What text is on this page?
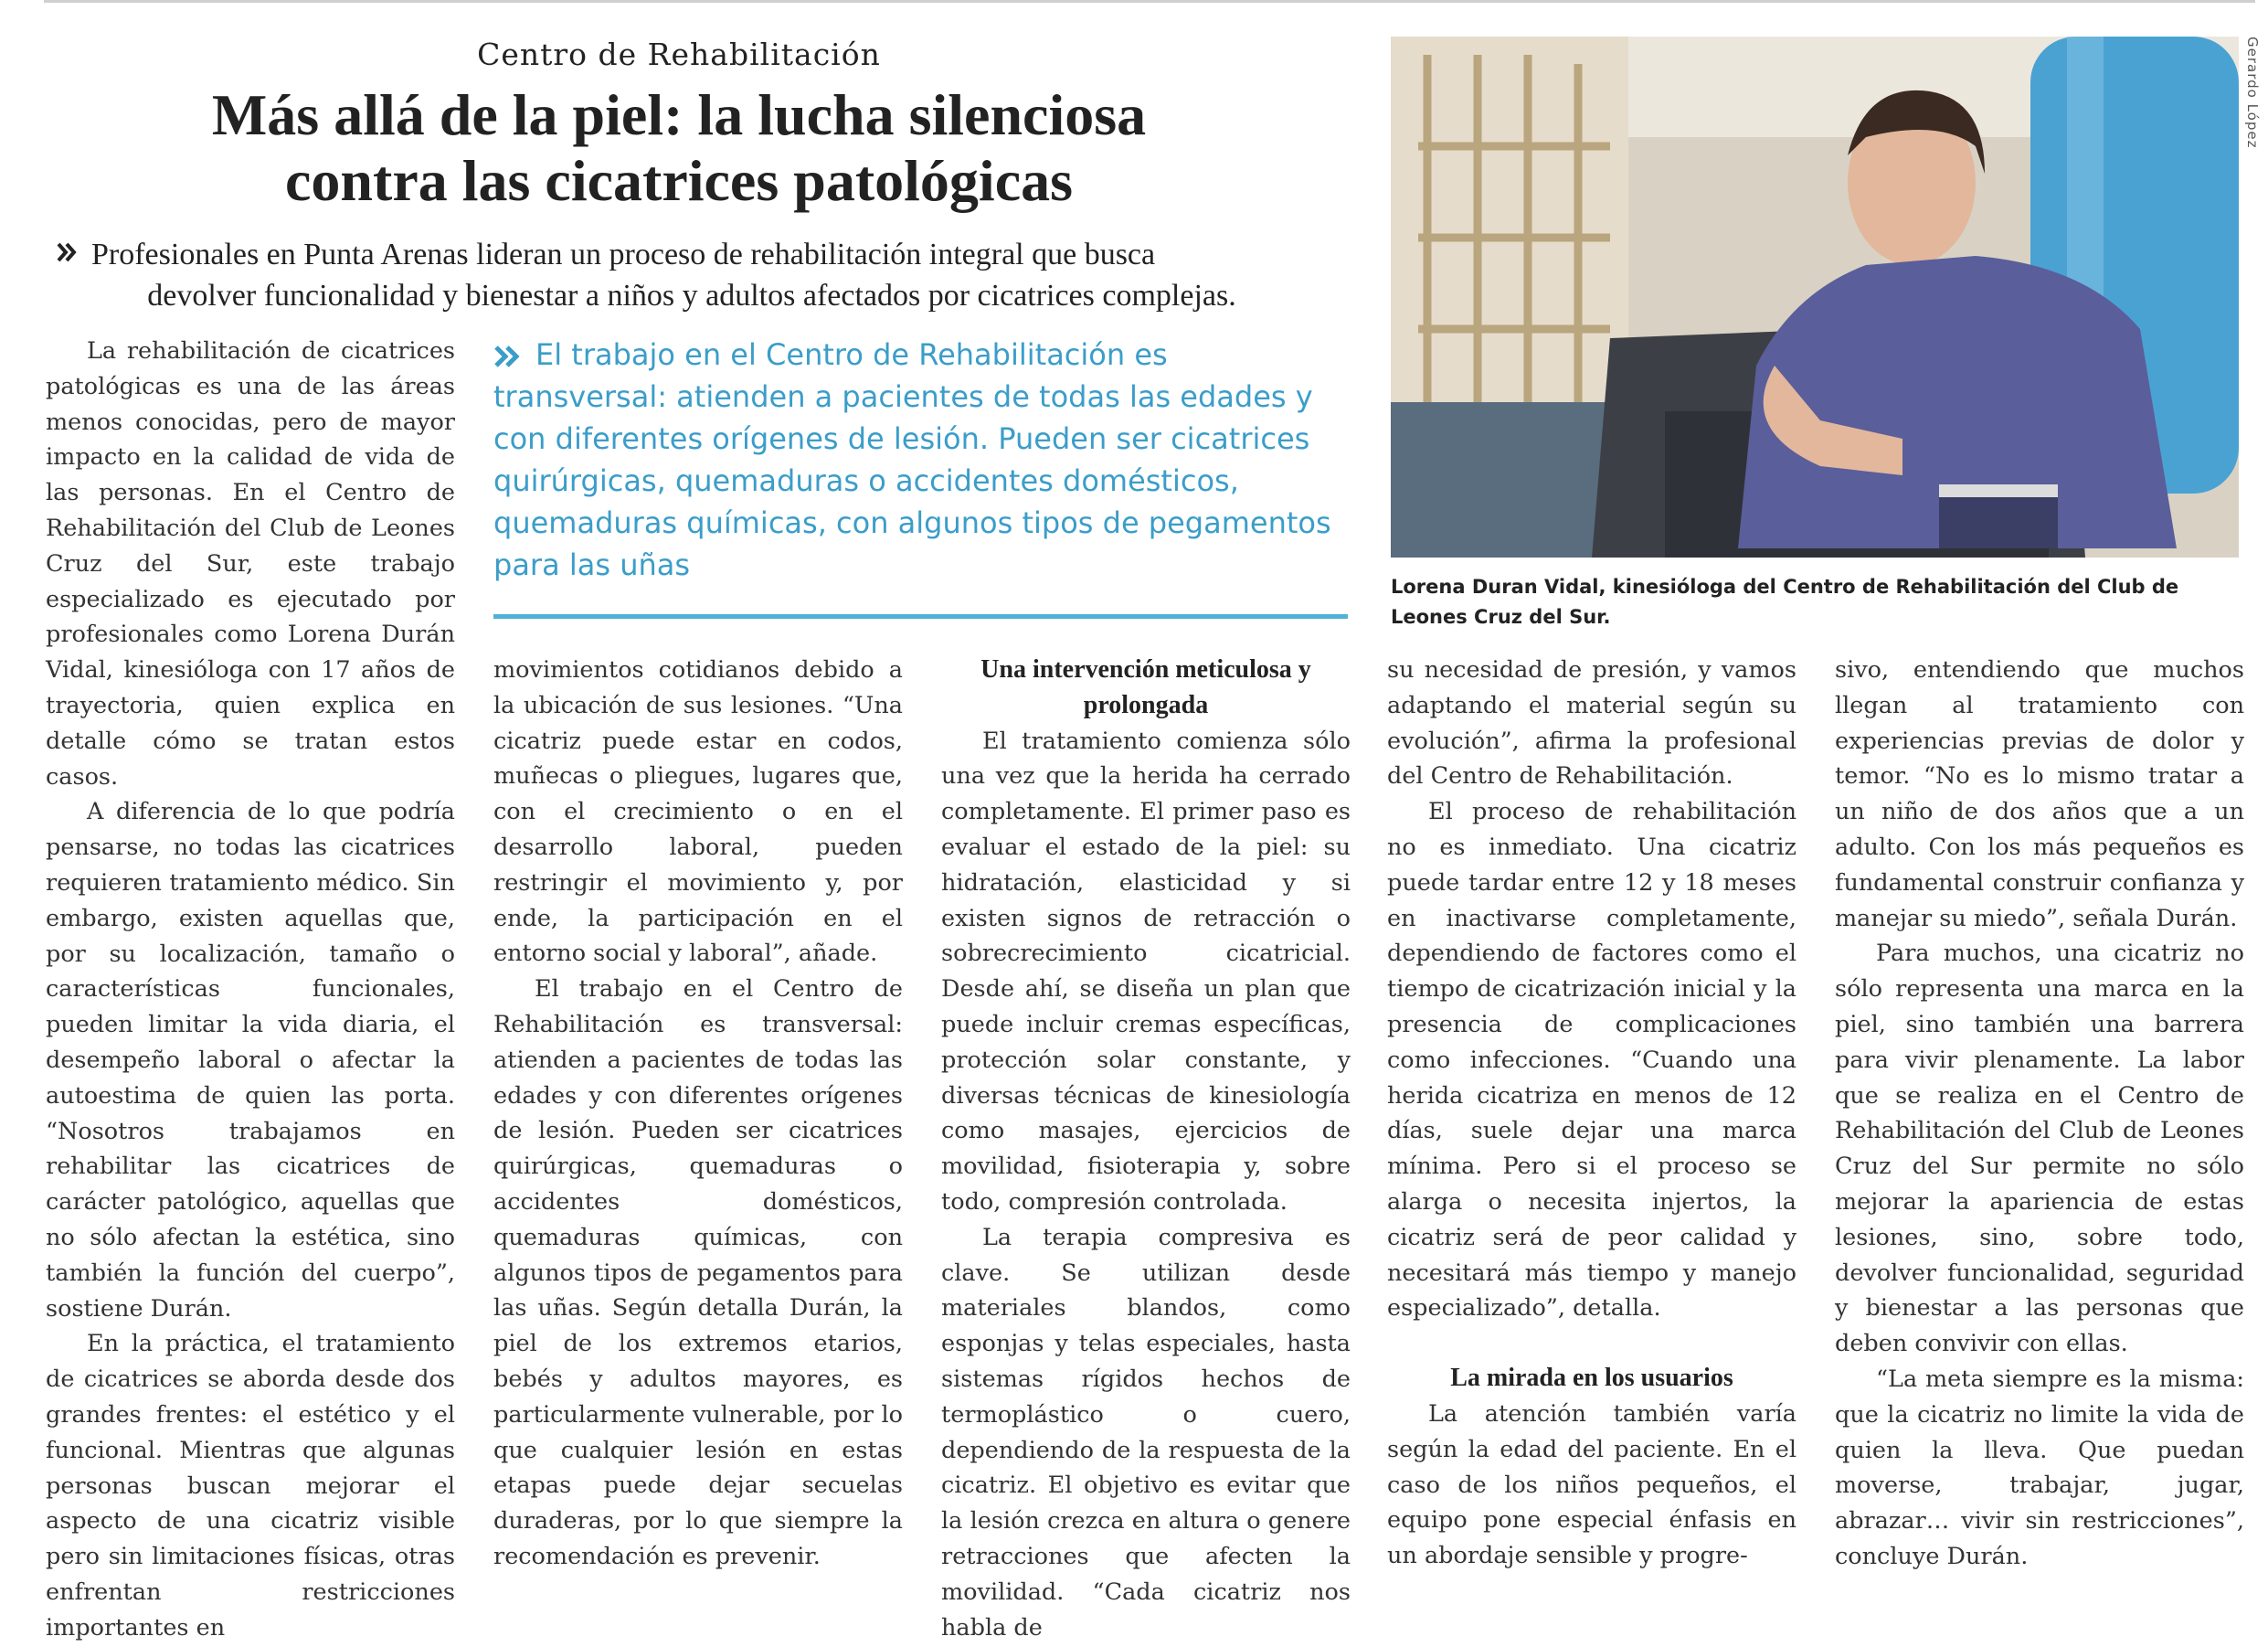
Centro de Rehabilitación
Más allá de la piel: la lucha silenciosa
contra las cicatrices patológicas
Profesionales en Punta Arenas lideran un proceso de rehabilitación integral que busca
devolver funcionalidad y bienestar a niños y adultos afectados por cicatrices complejas.
El trabajo en el Centro de Rehabilitación es transversal: atienden a pacientes de todas las edades y con diferentes orígenes de lesión. Pueden ser cicatrices quirúrgicas, quemaduras o accidentes domésticos, quemaduras químicas, con algunos tipos de pegamentos para las uñas

La rehabilitación de cicatrices patológicas es una de las áreas menos conocidas, pero de mayor impacto en la calidad de vida de las personas. En el Centro de Rehabilitación del Club de Leones Cruz del Sur, este trabajo especializado es ejecutado por profesionales como Lorena Durán Vidal, kinesióloga con 17 años de trayectoria, quien explica en detalle cómo se tratan estos casos.

A diferencia de lo que podría pensarse, no todas las cicatrices requieren tratamiento médico. Sin embargo, existen aquellas que, por su localización, tamaño o características funcionales, pueden limitar la vida diaria, el desempeño laboral o afectar la autoestima de quien las porta. “Nosotros trabajamos en rehabilitar las cicatrices de carácter patológico, aquellas que no sólo afectan la estética, sino también la función del cuerpo”, sostiene Durán.

En la práctica, el tratamiento de cicatrices se aborda desde dos grandes frentes: el estético y el funcional. Mientras que algunas personas buscan mejorar el aspecto de una cicatriz visible pero sin limitaciones físicas, otras enfrentan restricciones importantes en

movimientos cotidianos debido a la ubicación de sus lesiones. “Una cicatriz puede estar en codos, muñecas o pliegues, lugares que, con el crecimiento o en el desarrollo laboral, pueden restringir el movimiento y, por ende, la participación en el entorno social y laboral”, añade.

El trabajo en el Centro de Rehabilitación es transversal: atienden a pacientes de todas las edades y con diferentes orígenes de lesión. Pueden ser cicatrices quirúrgicas, quemaduras o accidentes domésticos, quemaduras químicas, con algunos tipos de pegamentos para las uñas. Según detalla Durán, la piel de los extremos etarios, bebés y adultos mayores, es particularmente vulnerable, por lo que cualquier lesión en estas etapas puede dejar secuelas duraderas, por lo que siempre la recomendación es prevenir.

Una intervención meticulosa y prolongada

El tratamiento comienza sólo una vez que la herida ha cerrado completamente. El primer paso es evaluar el estado de la piel: su hidratación, elasticidad y si existen signos de retracción o sobrecrecimiento cicatricial. Desde ahí, se diseña un plan que puede incluir cremas específicas, protección solar constante, y diversas técnicas de kinesiología como masajes, ejercicios de movilidad, fisioterapia y, sobre todo, compresión controlada.

La terapia compresiva es clave. Se utilizan desde materiales blandos, como esponjas y telas especiales, hasta sistemas rígidos hechos de termoplástico o cuero, dependiendo de la respuesta de la cicatriz. El objetivo es evitar que la lesión crezca en altura o genere retracciones que afecten la movilidad. “Cada cicatriz nos habla de

su necesidad de presión, y vamos adaptando el material según su evolución”, afirma la profesional del Centro de Rehabilitación.

El proceso de rehabilitación no es inmediato. Una cicatriz puede tardar entre 12 y 18 meses en inactivarse completamente, dependiendo de factores como el tiempo de cicatrización inicial y la presencia de complicaciones como infecciones. “Cuando una herida cicatriza en menos de 12 días, suele dejar una marca mínima. Pero si el proceso se alarga o necesita injertos, la cicatriz será de peor calidad y necesitará más tiempo y manejo especializado”, detalla.

La mirada en los usuarios

La atención también varía según la edad del paciente. En el caso de los niños pequeños, el equipo pone especial énfasis en un abordaje sensible y progre-

sivo, entendiendo que muchos llegan al tratamiento con experiencias previas de dolor y temor. “No es lo mismo tratar a un niño de dos años que a un adulto. Con los más pequeños es fundamental construir confianza y manejar su miedo”, señala Durán.

Para muchos, una cicatriz no sólo representa una marca en la piel, sino también una barrera para vivir plenamente. La labor que se realiza en el Centro de Rehabilitación del Club de Leones Cruz del Sur permite no sólo mejorar la apariencia de estas lesiones, sino, sobre todo, devolver funcionalidad, seguridad y bienestar a las personas que deben convivir con ellas.

“La meta siempre es la misma: que la cicatriz no limite la vida de quien la lleva. Que puedan moverse, trabajar, jugar, abrazar… vivir sin restricciones”, concluye Durán.

Gerardo López
Lorena Duran Vidal, kinesióloga del Centro de Rehabilitación del Club de Leones Cruz del Sur.
